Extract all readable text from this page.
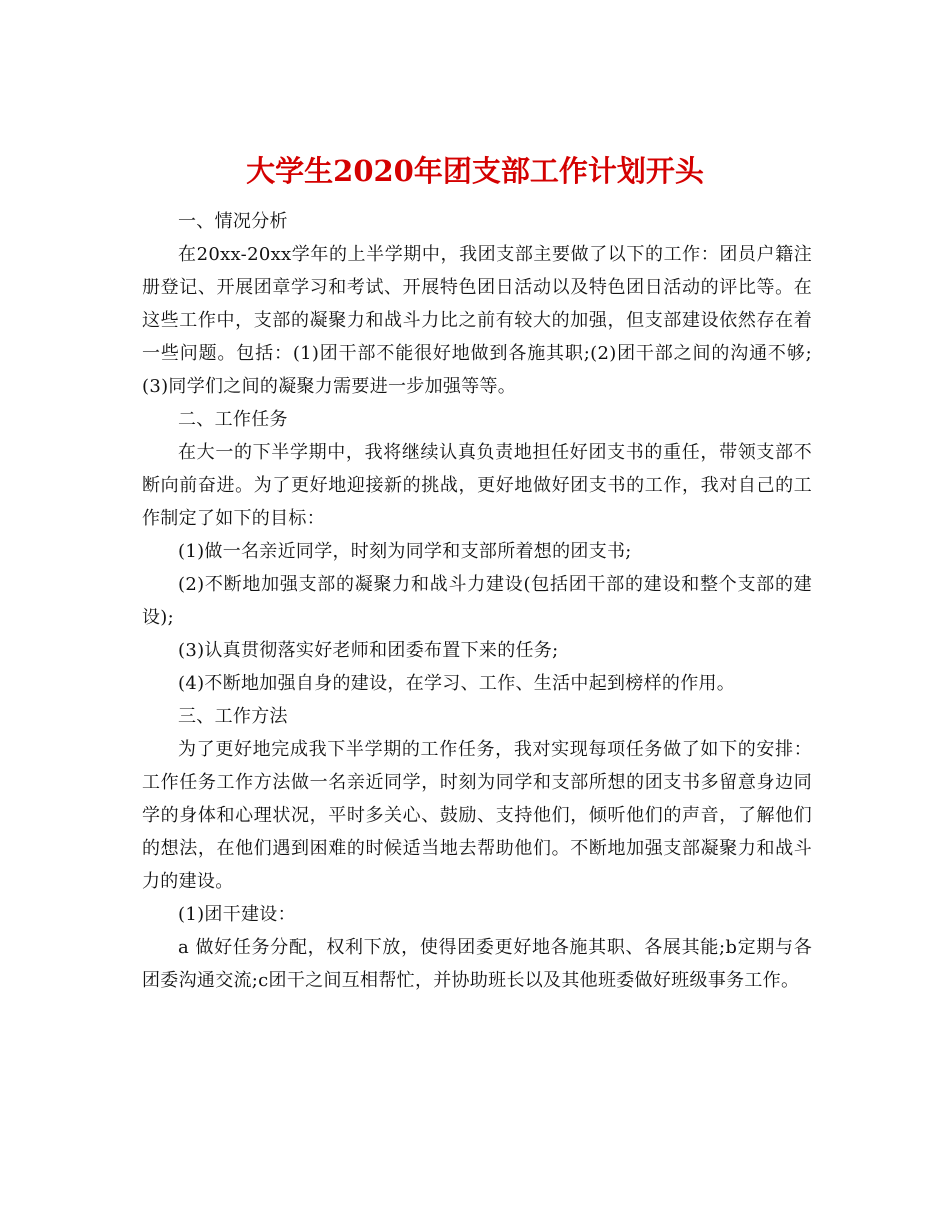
大学生2020年团支部工作计划开头

一、情况分析

在20xx-20xx学年的上半学期中，我团支部主要做了以下的工作：团员户籍注册登记、开展团章学习和考试、开展特色团日活动以及特色团日活动的评比等。在这些工作中，支部的凝聚力和战斗力比之前有较大的加强，但支部建设依然存在着一些问题。包括：(1)团干部不能很好地做到各施其职;(2)团干部之间的沟通不够;(3)同学们之间的凝聚力需要进一步加强等等。

二、工作任务

在大一的下半学期中，我将继续认真负责地担任好团支书的重任，带领支部不断向前奋进。为了更好地迎接新的挑战，更好地做好团支书的工作，我对自己的工作制定了如下的目标：

(1)做一名亲近同学，时刻为同学和支部所着想的团支书;

(2)不断地加强支部的凝聚力和战斗力建设(包括团干部的建设和整个支部的建设);

(3)认真贯彻落实好老师和团委布置下来的任务;

(4)不断地加强自身的建设，在学习、工作、生活中起到榜样的作用。

三、工作方法

为了更好地完成我下半学期的工作任务，我对实现每项任务做了如下的安排：工作任务工作方法做一名亲近同学，时刻为同学和支部所想的团支书多留意身边同学的身体和心理状况，平时多关心、鼓励、支持他们，倾听他们的声音，了解他们的想法，在他们遇到困难的时候适当地去帮助他们。不断地加强支部凝聚力和战斗力的建设。

(1)团干建设：

a 做好任务分配，权利下放，使得团委更好地各施其职、各展其能;b定期与各团委沟通交流;c团干之间互相帮忙，并协助班长以及其他班委做好班级事务工作。
